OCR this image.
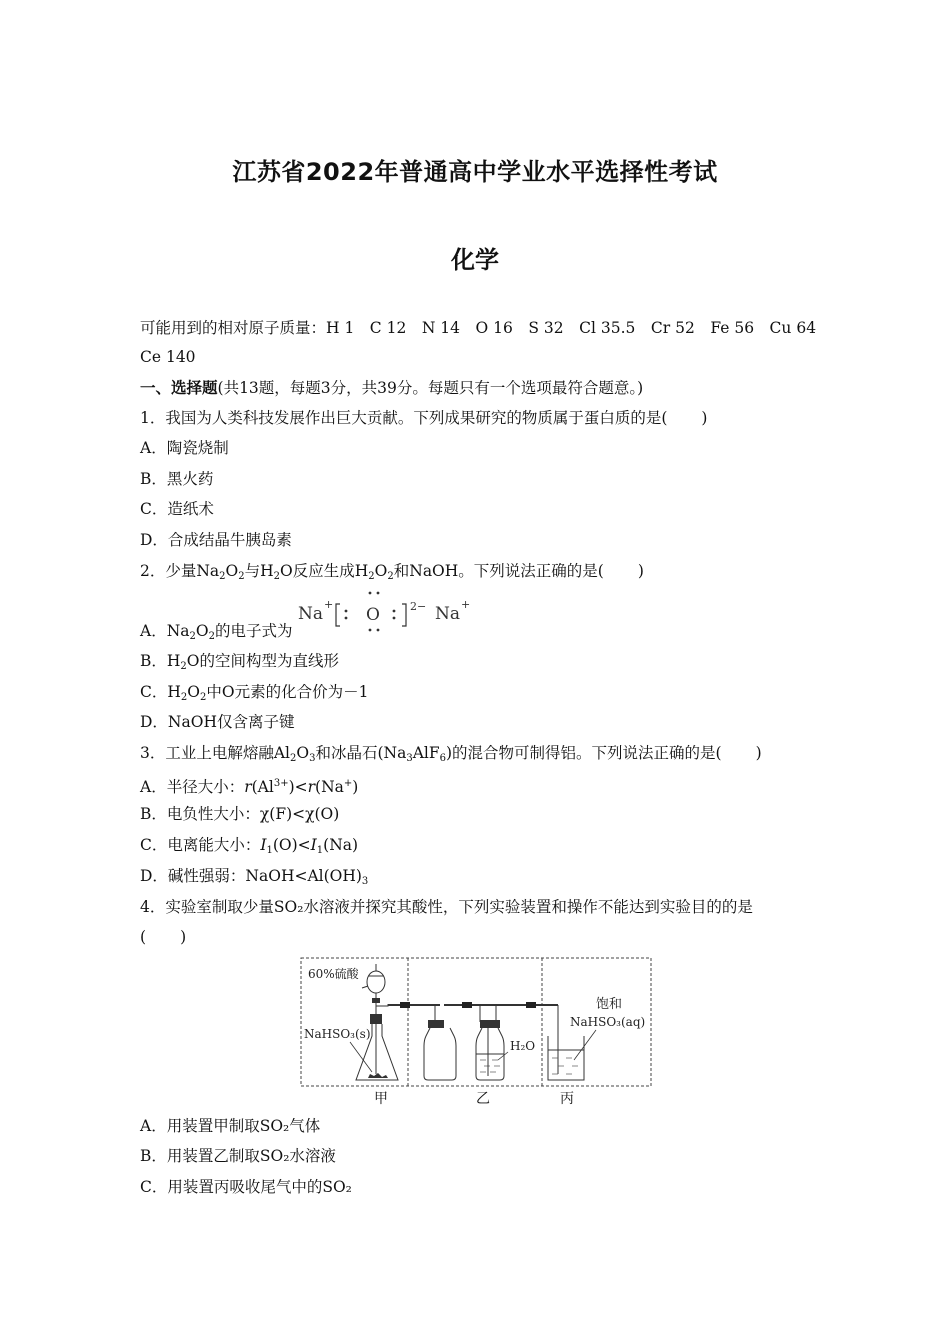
江苏省2022年普通高中学业水平选择性考试
化学
可能用到的相对原子质量：H 1　C 12　N 14　O 16　S 32　Cl 35.5　Cr 52　Fe 56　Cu 64
Ce 140
一、选择题(共13题，每题3分，共39分。每题只有一个选项最符合题意。)
1．我国为人类科技发展作出巨大贡献。下列成果研究的物质属于蛋白质的是( )
A．陶瓷烧制
B．黑火药
C．造纸术
D．合成结晶牛胰岛素
2．少量$Na_2O_2$与$H_2O$反应生成$H_2O_2$和NaOH。下列说法正确的是( )
A．$Na_2O_2$的电子式为
Na +
O	2− Na +
B．$H_2O$的空间构型为直线形
C．$H_2O_2$中O元素的化合价为－1
D．NaOH仅含离子键
3．工业上电解熔融$Al_2O_3$和冰晶石$(Na_3AlF_6)$的混合物可制得铝。下列说法正确的是( )
A．半径大小：$r(Al^{3+})<r(Na^+)$
B．电负性大小：χ(F)<χ(O)
C．电离能大小：$I_1(O)<I_1(Na)$
D．碱性强弱：$NaOH<Al(OH)_3$
4．实验室制取少量SO₂水溶液并探究其酸性，下列实验装置和操作不能达到实验目的的是
( )
60%硫酸
NaHSO₃(s)
H₂O
饱和
NaHSO₃(aq)
甲	乙	丙
A．用装置甲制取SO₂气体
B．用装置乙制取SO₂水溶液
C．用装置丙吸收尾气中的SO₂
